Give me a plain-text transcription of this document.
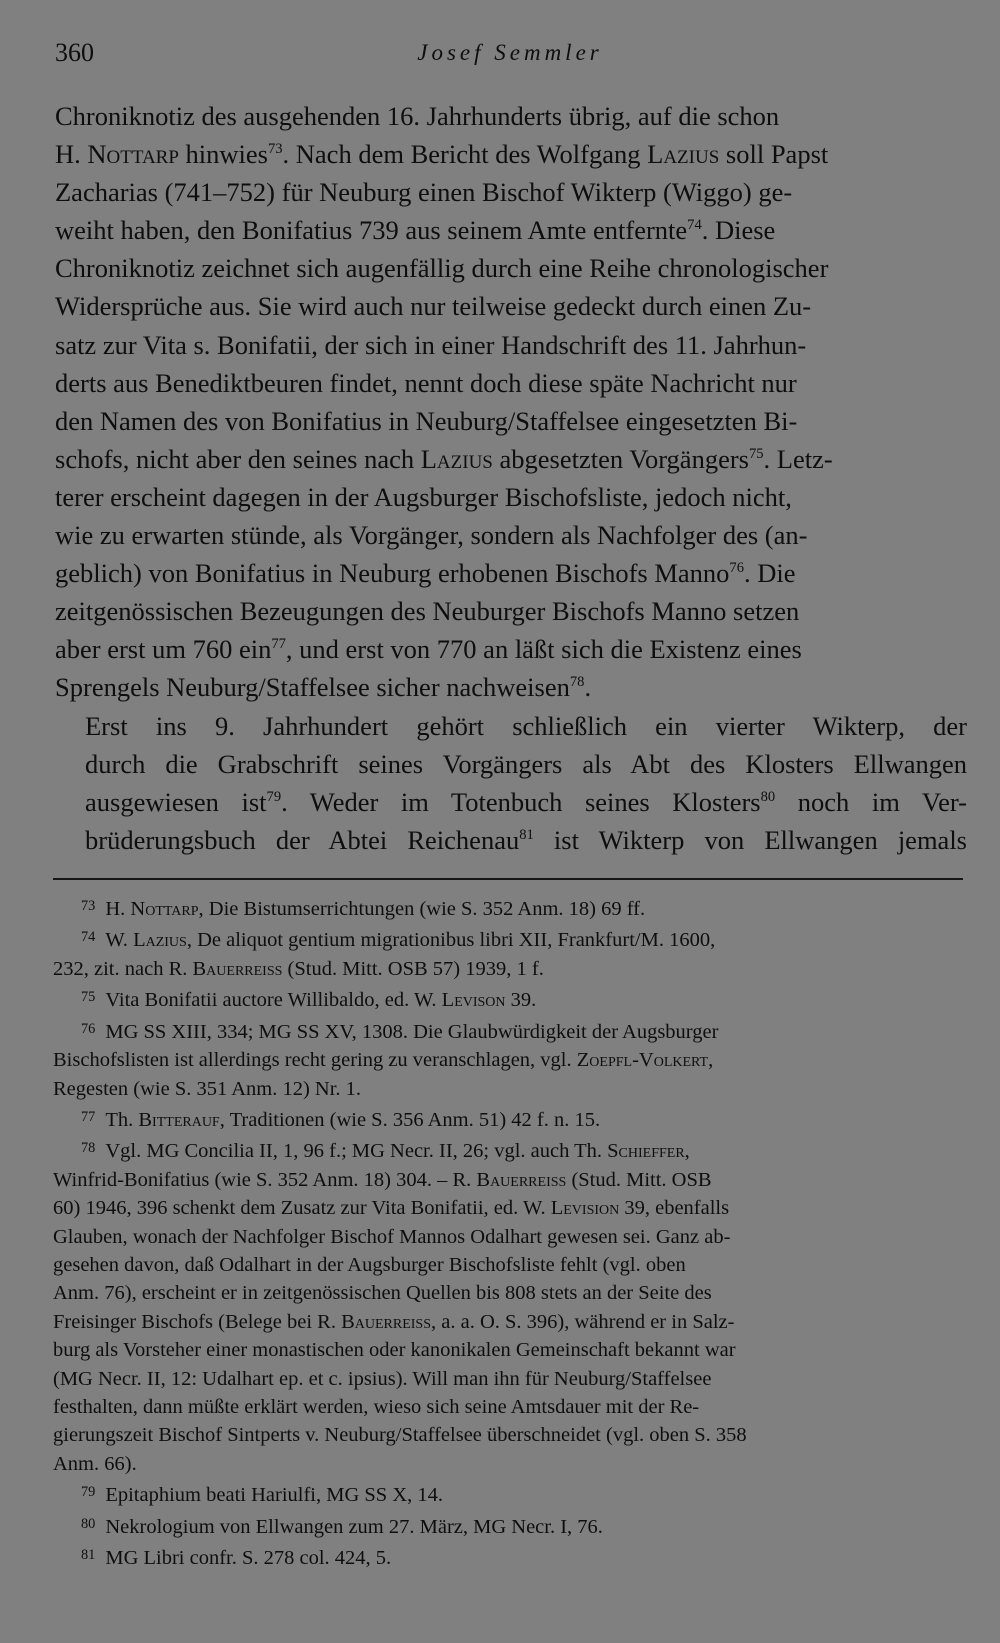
360	Josef Semmler

Chroniknotiz des ausgehenden 16. Jahrhunderts übrig, auf die schon
H. Nottarp hinwies$^{73}$. Nach dem Bericht des Wolfgang Lazius soll Papst
Zacharias (741–752) für Neuburg einen Bischof Wikterp (Wiggo) ge-
weiht haben, den Bonifatius 739 aus seinem Amte entfernte$^{74}$. Diese
Chroniknotiz zeichnet sich augenfällig durch eine Reihe chronologischer
Widersprüche aus. Sie wird auch nur teilweise gedeckt durch einen Zu-
satz zur Vita s. Bonifatii, der sich in einer Handschrift des 11. Jahrhun-
derts aus Benediktbeuren findet, nennt doch diese späte Nachricht nur
den Namen des von Bonifatius in Neuburg/Staffelsee eingesetzten Bi-
schofs, nicht aber den seines nach Lazius abgesetzten Vorgängers$^{75}$. Letz-
terer erscheint dagegen in der Augsburger Bischofsliste, jedoch nicht,
wie zu erwarten stünde, als Vorgänger, sondern als Nachfolger des (an-
geblich) von Bonifatius in Neuburg erhobenen Bischofs Manno$^{76}$. Die
zeitgenössischen Bezeugungen des Neuburger Bischofs Manno setzen
aber erst um 760 ein$^{77}$, und erst von 770 an läßt sich die Existenz eines
Sprengels Neuburg/Staffelsee sicher nachweisen$^{78}$.

Erst ins 9. Jahrhundert gehört schließlich ein vierter Wikterp, der
durch die Grabschrift seines Vorgängers als Abt des Klosters Ellwangen
ausgewiesen ist$^{79}$. Weder im Totenbuch seines Klosters$^{80}$ noch im Ver-
brüderungsbuch der Abtei Reichenau$^{81}$ ist Wikterp von Ellwangen jemals

$^{73}$ H. Nottarp, Die Bistumserrichtungen (wie S. 352 Anm. 18) 69 ff.
$^{74}$ W. Lazius, De aliquot gentium migrationibus libri XII, Frankfurt/M. 1600,
232, zit. nach R. Bauerreiss (Stud. Mitt. OSB 57) 1939, 1 f.
$^{75}$ Vita Bonifatii auctore Willibaldo, ed. W. Levison 39.
$^{76}$ MG SS XIII, 334; MG SS XV, 1308. Die Glaubwürdigkeit der Augsburger
Bischofslisten ist allerdings recht gering zu veranschlagen, vgl. Zoepfl-Volkert,
Regesten (wie S. 351 Anm. 12) Nr. 1.
$^{77}$ Th. Bitterauf, Traditionen (wie S. 356 Anm. 51) 42 f. n. 15.
$^{78}$ Vgl. MG Concilia II, 1, 96 f.; MG Necr. II, 26; vgl. auch Th. Schieffer,
Winfrid-Bonifatius (wie S. 352 Anm. 18) 304. – R. Bauerreiss (Stud. Mitt. OSB
60) 1946, 396 schenkt dem Zusatz zur Vita Bonifatii, ed. W. Levision 39, ebenfalls
Glauben, wonach der Nachfolger Bischof Mannos Odalhart gewesen sei. Ganz ab-
gesehen davon, daß Odalhart in der Augsburger Bischofsliste fehlt (vgl. oben
Anm. 76), erscheint er in zeitgenössischen Quellen bis 808 stets an der Seite des
Freisinger Bischofs (Belege bei R. Bauerreiss, a. a. O. S. 396), während er in Salz-
burg als Vorsteher einer monastischen oder kanonikalen Gemeinschaft bekannt war
(MG Necr. II, 12: Udalhart ep. et c. ipsius). Will man ihn für Neuburg/Staffelsee
festhalten, dann müßte erklärt werden, wieso sich seine Amtsdauer mit der Re-
gierungszeit Bischof Sintperts v. Neuburg/Staffelsee überschneidet (vgl. oben S. 358
Anm. 66).
$^{79}$ Epitaphium beati Hariulfi, MG SS X, 14.
$^{80}$ Nekrologium von Ellwangen zum 27. März, MG Necr. I, 76.
$^{81}$ MG Libri confr. S. 278 col. 424, 5.
